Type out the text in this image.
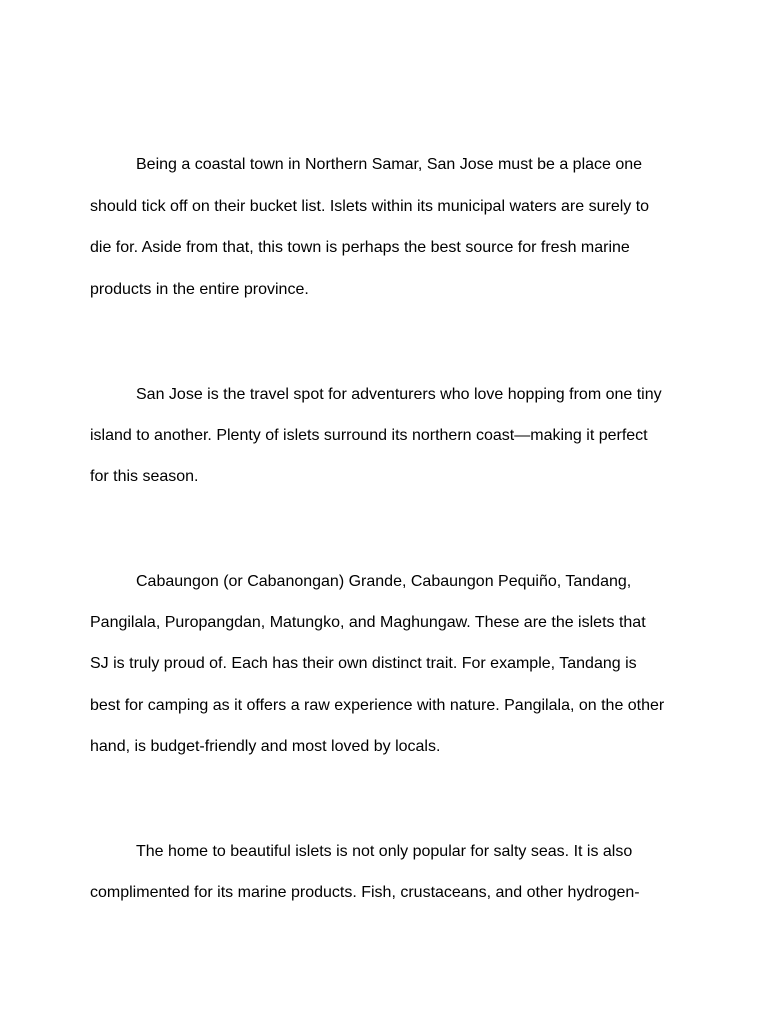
Being a coastal town in Northern Samar, San Jose must be a place one

should tick off on their bucket list. Islets within its municipal waters are surely to

die for. Aside from that, this town is perhaps the best source for fresh marine

products in the entire province.

San Jose is the travel spot for adventurers who love hopping from one tiny

island to another. Plenty of islets surround its northern coast—making it perfect

for this season.

Cabaungon (or Cabanongan) Grande, Cabaungon Pequiño, Tandang,

Pangilala, Puropangdan, Matungko, and Maghungaw. These are the islets that

SJ is truly proud of. Each has their own distinct trait. For example, Tandang is

best for camping as it offers a raw experience with nature. Pangilala, on the other

hand, is budget-friendly and most loved by locals.

The home to beautiful islets is not only popular for salty seas. It is also

complimented for its marine products. Fish, crustaceans, and other hydrogen-
